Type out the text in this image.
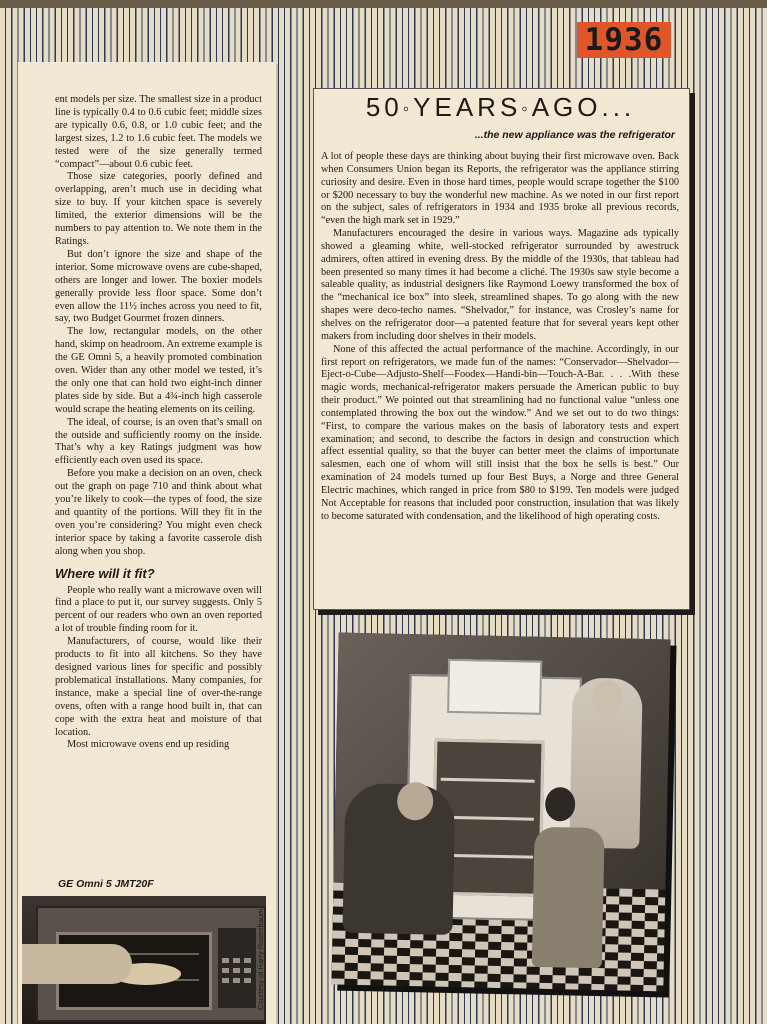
1936

ent models per size. The smallest size in a product line is typically 0.4 to 0.6 cubic feet; middle sizes are typically 0.6, 0.8, or 1.0 cubic feet; and the largest sizes, 1.2 to 1.6 cubic feet. The models we tested were of the size generally termed “compact”—about 0.6 cubic feet.

Those size categories, poorly defined and overlapping, aren’t much use in deciding what size to buy. If your kitchen space is severely limited, the exterior dimensions will be the numbers to pay attention to. We note them in the Ratings.

But don’t ignore the size and shape of the interior. Some microwave ovens are cube-shaped, others are longer and lower. The boxier models generally provide less floor space. Some don’t even allow the 11½ inches across you need to fit, say, two Budget Gourmet frozen dinners.

The low, rectangular models, on the other hand, skimp on headroom. An extreme example is the GE Omni 5, a heavily promoted combination oven. Wider than any other model we tested, it’s the only one that can hold two eight-inch dinner plates side by side. But a 4¾-inch high casserole would scrape the heating elements on its ceiling.

The ideal, of course, is an oven that’s small on the outside and sufficiently roomy on the inside. That’s why a key Ratings judgment was how efficiently each oven used its space.

Before you make a decision on an oven, check out the graph on page 710 and think about what you’re likely to cook—the types of food, the size and quantity of the portions. Will they fit in the oven you’re considering? You might even check interior space by taking a favorite casserole dish along when you shop.

Where will it fit?

People who really want a microwave oven will find a place to put it, our survey suggests. Only 5 percent of our readers who own an oven reported a lot of trouble finding room for it.

Manufacturers, of course, would like their products to fit into all kitchens. So they have designed various lines for specific and possibly problematical installations. Many companies, for instance, make a special line of over-the-range ovens, often with a range hood built in, that can cope with the extra heat and moisture of that location.

Most microwave ovens end up residing

GE Omni 5 JMT20F
Courtesy of Harry Rosenbaum
50◦YEARS◦AGO...
...the new appliance was the refrigerator

A lot of people these days are thinking about buying their first microwave oven. Back when Consumers Union began its Reports, the refrigerator was the appliance stirring curiosity and desire. Even in those hard times, people would scrape together the $100 or $200 necessary to buy the wonderful new machine. As we noted in our first report on the subject, sales of refrigerators in 1934 and 1935 broke all previous records, “even the high mark set in 1929.”

Manufacturers encouraged the desire in various ways. Magazine ads typically showed a gleaming white, well-stocked refrigerator surrounded by awestruck admirers, often attired in evening dress. By the middle of the 1930s, that tableau had been presented so many times it had become a cliché. The 1930s saw style become a saleable quality, as industrial designers like Raymond Loewy transformed the box of the “mechanical ice box” into sleek, streamlined shapes. To go along with the new shapes were deco-techo names. “Shelvador,” for instance, was Crosley’s name for shelves on the refrigerator door—a patented feature that for several years kept other makers from including door shelves in their models.

None of this affected the actual performance of the machine. Accordingly, in our first report on refrigerators, we made fun of the names: “Conservador—Shelvador—Eject-o-Cube—Adjusto-Shelf—Foodex—Handi-bin—Touch-A-Bar. . . .With these magic words, mechanical-refrigerator makers persuade the American public to buy their product.” We pointed out that streamlining had no functional value “unless one contemplated throwing the box out the window.” And we set out to do two things: “First, to compare the various makes on the basis of laboratory tests and expert examination; and second, to describe the factors in design and construction which affect essential quality, so that the buyer can better meet the claims of importunate salesmen, each one of whom will still insist that the box he sells is best.” Our examination of 24 models turned up four Best Buys, a Norge and three General Electric machines, which ranged in price from $80 to $199. Ten models were judged Not Acceptable for reasons that included poor construction, insulation that was likely to become saturated with condensation, and the likelihood of high operating costs.
